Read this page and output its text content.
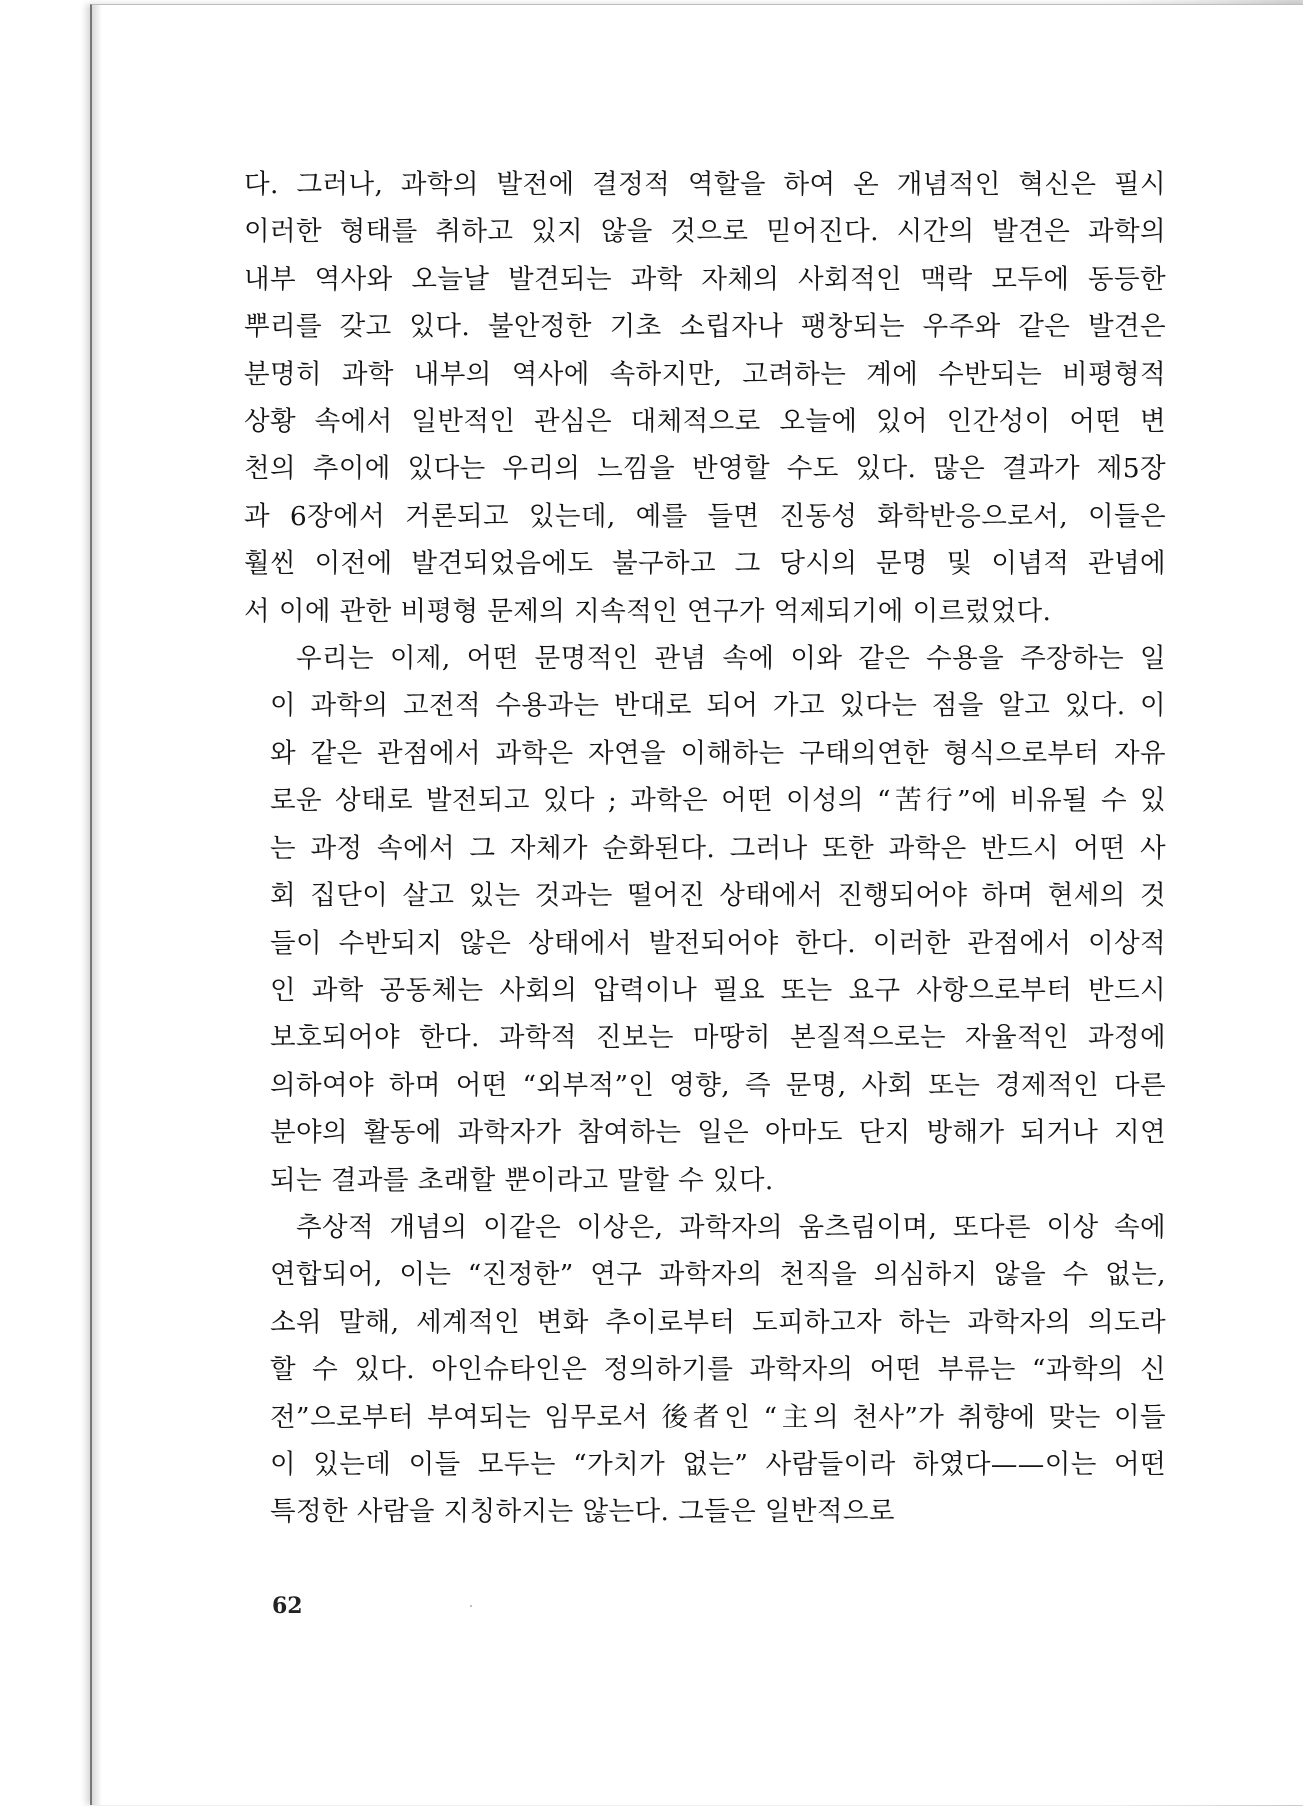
다. 그러나, 과학의 발전에 결정적 역할을 하여 온 개념적인 혁신은 필시
이러한 형태를 취하고 있지 않을 것으로 믿어진다. 시간의 발견은 과학의
내부 역사와 오늘날 발견되는 과학 자체의 사회적인 맥락 모두에 동등한
뿌리를 갖고 있다. 불안정한 기초 소립자나 팽창되는 우주와 같은 발견은
분명히 과학 내부의 역사에 속하지만, 고려하는 계에 수반되는 비평형적
상황 속에서 일반적인 관심은 대체적으로 오늘에 있어 인간성이 어떤 변
천의 추이에 있다는 우리의 느낌을 반영할 수도 있다. 많은 결과가 제5장
과 6장에서 거론되고 있는데, 예를 들면 진동성 화학반응으로서, 이들은
훨씬 이전에 발견되었음에도 불구하고 그 당시의 문명 및 이념적 관념에
서 이에 관한 비평형 문제의 지속적인 연구가 억제되기에 이르렀었다.
우리는 이제, 어떤 문명적인 관념 속에 이와 같은 수용을 주장하는 일
이 과학의 고전적 수용과는 반대로 되어 가고 있다는 점을 알고 있다. 이
와 같은 관점에서 과학은 자연을 이해하는 구태의연한 형식으로부터 자유
로운 상태로 발전되고 있다 ; 과학은 어떤 이성의 “苦行”에 비유될 수 있
는 과정 속에서 그 자체가 순화된다. 그러나 또한 과학은 반드시 어떤 사
회 집단이 살고 있는 것과는 떨어진 상태에서 진행되어야 하며 현세의 것
들이 수반되지 않은 상태에서 발전되어야 한다. 이러한 관점에서 이상적
인 과학 공동체는 사회의 압력이나 필요 또는 요구 사항으로부터 반드시
보호되어야 한다. 과학적 진보는 마땅히 본질적으로는 자율적인 과정에
의하여야 하며 어떤 “외부적”인 영향, 즉 문명, 사회 또는 경제적인 다른
분야의 활동에 과학자가 참여하는 일은 아마도 단지 방해가 되거나 지연
되는 결과를 초래할 뿐이라고 말할 수 있다.
추상적 개념의 이같은 이상은, 과학자의 움츠림이며, 또다른 이상 속에
연합되어, 이는 “진정한” 연구 과학자의 천직을 의심하지 않을 수 없는,
소위 말해, 세계적인 변화 추이로부터 도피하고자 하는 과학자의 의도라
할 수 있다. 아인슈타인은 정의하기를 과학자의 어떤 부류는 “과학의 신
전”으로부터 부여되는 임무로서 後者인 “主의 천사”가 취향에 맞는 이들
이 있는데 이들 모두는 “가치가 없는” 사람들이라 하였다——이는 어떤
특정한 사람을 지칭하지는 않는다. 그들은 일반적으로
62
